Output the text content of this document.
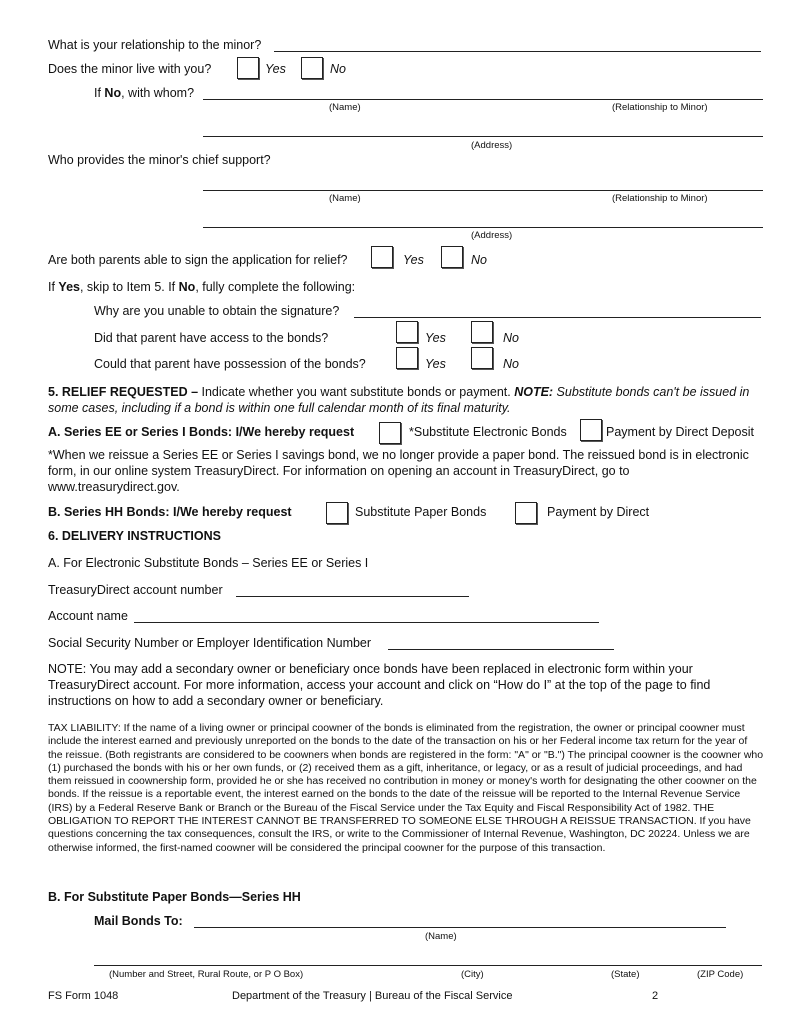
What is your relationship to the minor?
Does the minor live with you?	Yes	No
If No, with whom?
(Name)	(Relationship to Minor)
(Address)
Who provides the minor's chief support?
(Name)	(Relationship to Minor)
(Address)
Are both parents able to sign the application for relief?	Yes	No
If Yes, skip to Item 5. If No, fully complete the following:
Why are you unable to obtain the signature?
Did that parent have access to the bonds?	Yes	No
Could that parent have possession of the bonds?	Yes	No
5. RELIEF REQUESTED – Indicate whether you want substitute bonds or payment. NOTE: Substitute bonds can't be issued in some cases, including if a bond is within one full calendar month of its final maturity.
A. Series EE or Series I Bonds: I/We hereby request	*Substitute Electronic Bonds	Payment by Direct Deposit
*When we reissue a Series EE or Series I savings bond, we no longer provide a paper bond. The reissued bond is in electronic form, in our online system TreasuryDirect. For information on opening an account in TreasuryDirect, go to www.treasurydirect.gov.
B. Series HH Bonds: I/We hereby request	Substitute Paper Bonds	Payment by Direct
6. DELIVERY INSTRUCTIONS
A. For Electronic Substitute Bonds – Series EE or Series I
TreasuryDirect account number
Account name
Social Security Number or Employer Identification Number
NOTE: You may add a secondary owner or beneficiary once bonds have been replaced in electronic form within your TreasuryDirect account. For more information, access your account and click on “How do I” at the top of the page to find instructions on how to add a secondary owner or beneficiary.
TAX LIABILITY: If the name of a living owner or principal coowner of the bonds is eliminated from the registration, the owner or principal coowner must include the interest earned and previously unreported on the bonds to the date of the transaction on his or her Federal income tax return for the year of the reissue. (Both registrants are considered to be coowners when bonds are registered in the form: "A" or "B.") The principal coowner is the coowner who (1) purchased the bonds with his or her own funds, or (2) received them as a gift, inheritance, or legacy, or as a result of judicial proceedings, and had them reissued in coownership form, provided he or she has received no contribution in money or money's worth for designating the other coowner on the bonds. If the reissue is a reportable event, the interest earned on the bonds to the date of the reissue will be reported to the Internal Revenue Service (IRS) by a Federal Reserve Bank or Branch or the Bureau of the Fiscal Service under the Tax Equity and Fiscal Responsibility Act of 1982. THE OBLIGATION TO REPORT THE INTEREST CANNOT BE TRANSFERRED TO SOMEONE ELSE THROUGH A REISSUE TRANSACTION. If you have questions concerning the tax consequences, consult the IRS, or write to the Commissioner of Internal Revenue, Washington, DC 20224. Unless we are otherwise informed, the first-named coowner will be considered the principal coowner for the purpose of this transaction.
B. For Substitute Paper Bonds—Series HH
Mail Bonds To:
(Name)
(Number and Street, Rural Route, or P O Box)	(City)	(State)	(ZIP Code)
FS Form 1048	Department of the Treasury | Bureau of the Fiscal Service	2
